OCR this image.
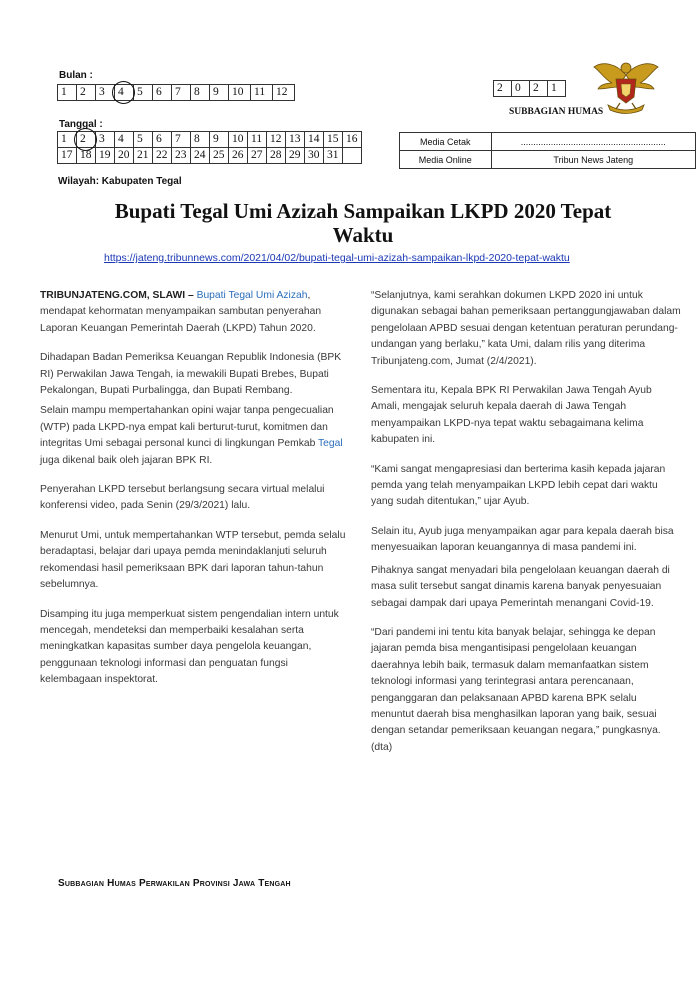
Bulan :
1	2	3	4	5	6	7	8	9	10	11	12
Tanggal :
1	2	3	4	5	6	7	8	9	10	11	12	13	14	15	16
17	18	19	20	21	22	23	24	25	26	27	28	29	30	31	
2	0	2	1
SUBBAGIAN HUMAS
Media Cetak	..........................................................
Media Online	Tribun News Jateng
Wilayah: Kabupaten Tegal
Bupati Tegal Umi Azizah Sampaikan LKPD 2020 Tepat
Waktu
https://jateng.tribunnews.com/2021/04/02/bupati-tegal-umi-azizah-sampaikan-lkpd-2020-tepat-waktu

TRIBUNJATENG.COM, SLAWI – Bupati Tegal Umi Azizah, mendapat kehormatan menyampaikan sambutan penyerahan Laporan Keuangan Pemerintah Daerah (LKPD) Tahun 2020.

Dihadapan Badan Pemeriksa Keuangan Republik Indonesia (BPK RI) Perwakilan Jawa Tengah, ia mewakili Bupati Brebes, Bupati Pekalongan, Bupati Purbalingga, dan Bupati Rembang.

Selain mampu mempertahankan opini wajar tanpa pengecualian (WTP) pada LKPD-nya empat kali berturut-turut, komitmen dan integritas Umi sebagai personal kunci di lingkungan Pemkab Tegal juga dikenal baik oleh jajaran BPK RI.

Penyerahan LKPD tersebut berlangsung secara virtual melalui konferensi video, pada Senin (29/3/2021) lalu.

Menurut Umi, untuk mempertahankan WTP tersebut, pemda selalu beradaptasi, belajar dari upaya pemda menindaklanjuti seluruh rekomendasi hasil pemeriksaan BPK dari laporan tahun-tahun sebelumnya.

Disamping itu juga memperkuat sistem pengendalian intern untuk mencegah, mendeteksi dan memperbaiki kesalahan serta meningkatkan kapasitas sumber daya pengelola keuangan, penggunaan teknologi informasi dan penguatan fungsi kelembagaan inspektorat.

“Selanjutnya, kami serahkan dokumen LKPD 2020 ini untuk digunakan sebagai bahan pemeriksaan pertanggungjawaban dalam pengelolaan APBD sesuai dengan ketentuan peraturan perundang-undangan yang berlaku,” kata Umi, dalam rilis yang diterima Tribunjateng.com, Jumat (2/4/2021).

Sementara itu, Kepala BPK RI Perwakilan Jawa Tengah Ayub Amali, mengajak seluruh kepala daerah di Jawa Tengah menyampaikan LKPD-nya tepat waktu sebagaimana kelima kabupaten ini.

“Kami sangat mengapresiasi dan berterima kasih kepada jajaran pemda yang telah menyampaikan LKPD lebih cepat dari waktu yang sudah ditentukan,” ujar Ayub.

Selain itu, Ayub juga menyampaikan agar para kepala daerah bisa menyesuaikan laporan keuangannya di masa pandemi ini.

Pihaknya sangat menyadari bila pengelolaan keuangan daerah di masa sulit tersebut sangat dinamis karena banyak penyesuaian sebagai dampak dari upaya Pemerintah menangani Covid-19.

“Dari pandemi ini tentu kita banyak belajar, sehingga ke depan jajaran pemda bisa mengantisipasi pengelolaan keuangan daerahnya lebih baik, termasuk dalam memanfaatkan sistem teknologi informasi yang terintegrasi antara perencanaan, penganggaran dan pelaksanaan APBD karena BPK selalu menuntut daerah bisa menghasilkan laporan yang baik, sesuai dengan setandar pemeriksaan keuangan negara,” pungkasnya. (dta)

Subbagian Humas Perwakilan Provinsi Jawa Tengah
